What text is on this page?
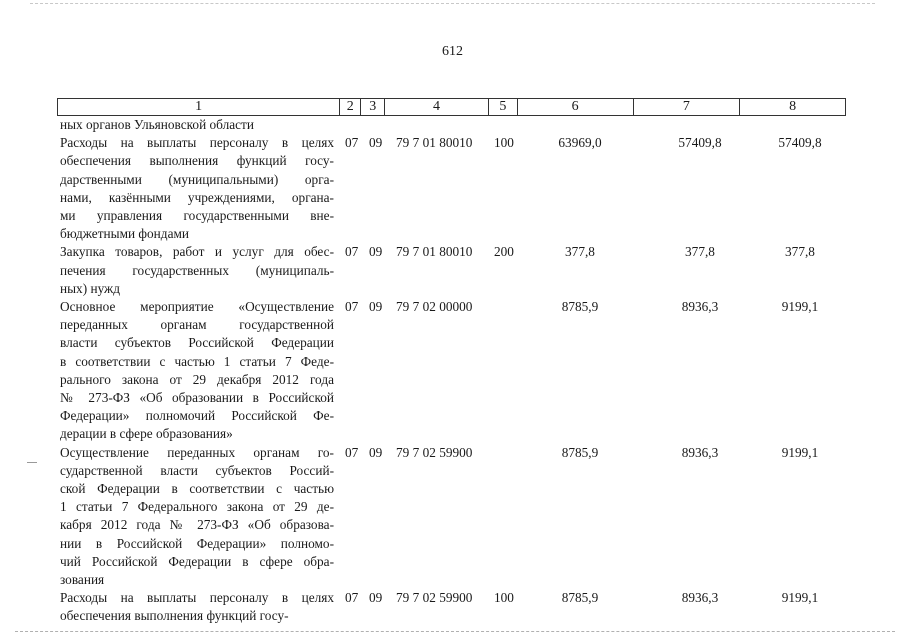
612
1	2	3	4	5	6	7	8
ных органов Ульяновской области
Расходы на выплаты персоналу в целях
обеспечения выполнения функций госу-
дарственными (муниципальными) орга-
нами, казёнными учреждениями, органа-
ми управления государственными вне-
бюджетными фондами
07 09 79 7 01 80010 100	63969,0	57409,8	57409,8
Закупка товаров, работ и услуг для обес-
печения государственных (муниципаль-
ных) нужд
07 09 79 7 01 80010 200	377,8	377,8	377,8
Основное мероприятие «Осуществление
переданных органам государственной
власти субъектов Российской Федерации
в соответствии с частью 1 статьи 7 Феде-
рального закона от 29 декабря 2012 года
№ 273-ФЗ «Об образовании в Российской
Федерации» полномочий Российской Фе-
дерации в сфере образования»
07 09 79 7 02 00000	8785,9	8936,3	9199,1
Осуществление переданных органам го-
сударственной власти субъектов Россий-
ской Федерации в соответствии с частью
1 статьи 7 Федерального закона от 29 де-
кабря 2012 года № 273-ФЗ «Об образова-
нии в Российской Федерации» полномо-
чий Российской Федерации в сфере обра-
зования
07 09 79 7 02 59900	8785,9	8936,3	9199,1
Расходы на выплаты персоналу в целях
обеспечения выполнения функций госу-
07 09 79 7 02 59900 100	8785,9	8936,3	9199,1
